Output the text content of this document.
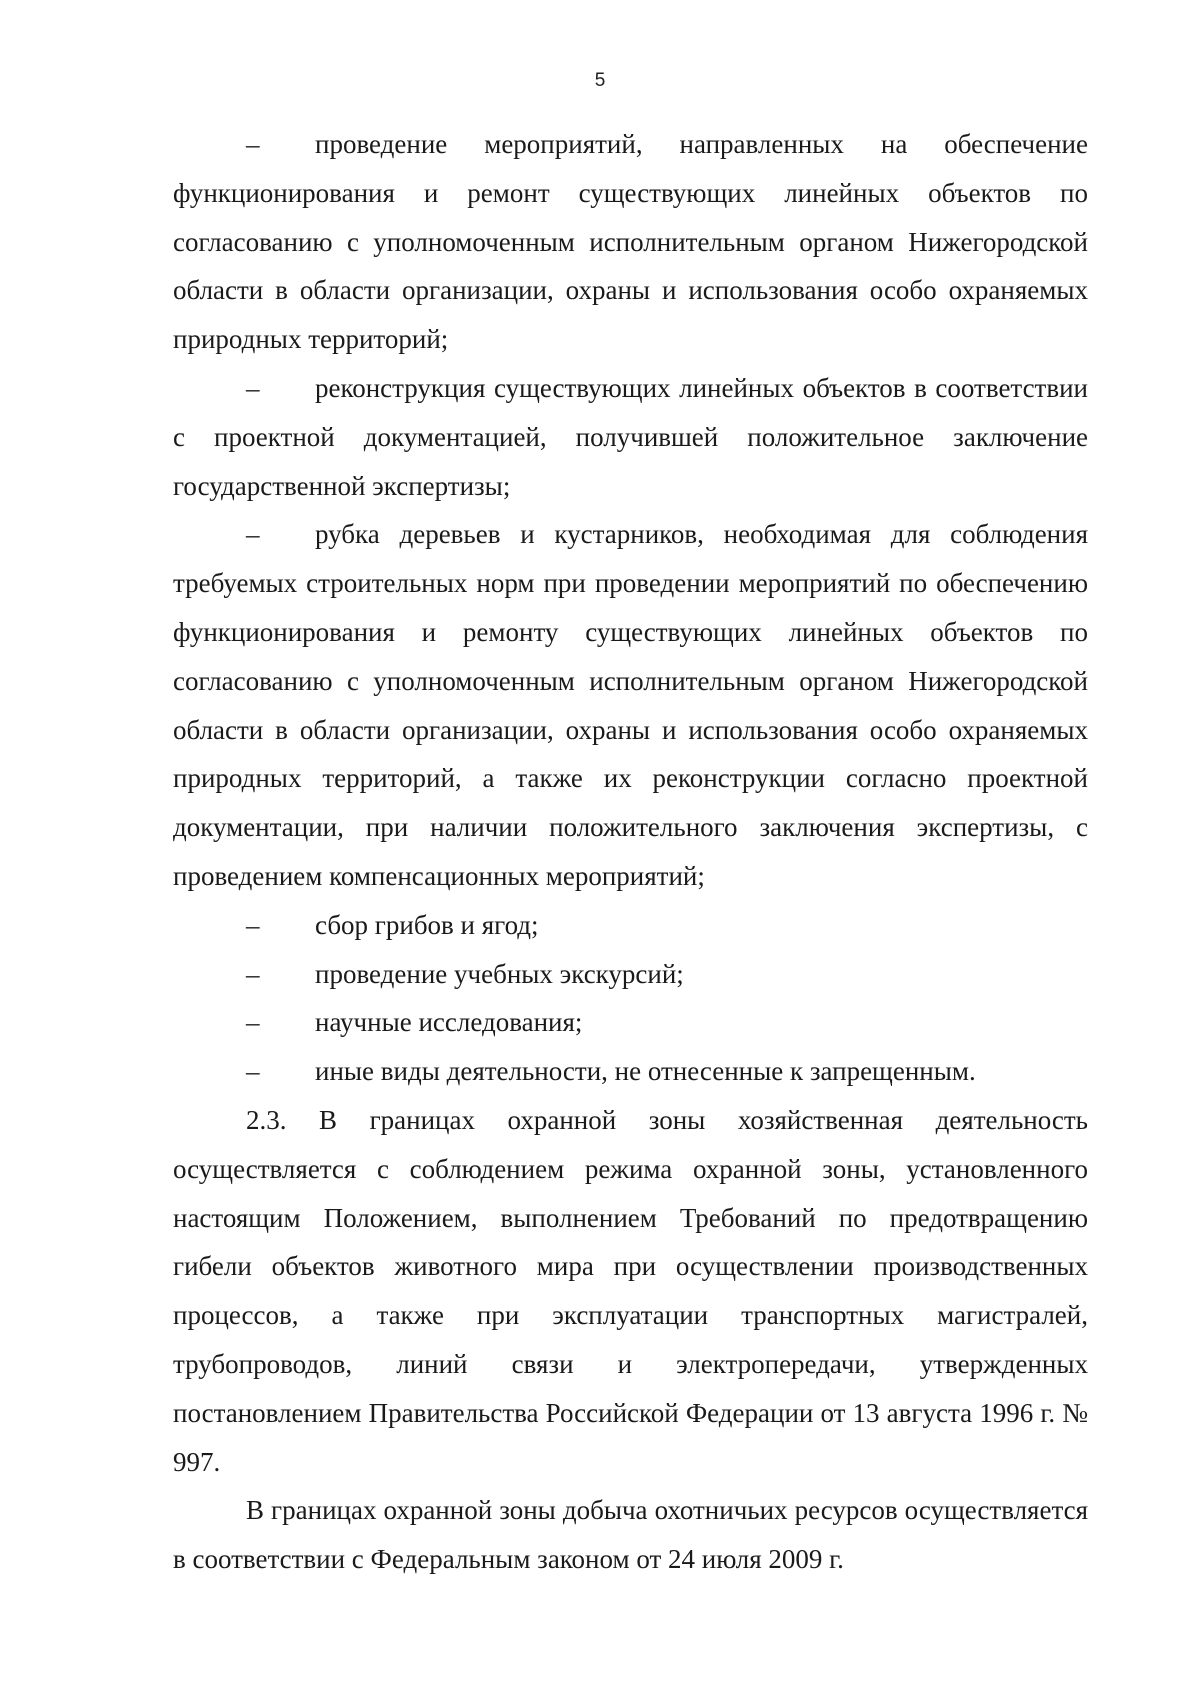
5

– проведение мероприятий, направленных на обеспечение функционирования и ремонт существующих линейных объектов по согласованию с уполномоченным исполнительным органом Нижегородской области в области организации, охраны и использования особо охраняемых природных территорий;

– реконструкция существующих линейных объектов в соответствии с проектной документацией, получившей положительное заключение государственной экспертизы;

– рубка деревьев и кустарников, необходимая для соблюдения требуемых строительных норм при проведении мероприятий по обеспечению функционирования и ремонту существующих линейных объектов по согласованию с уполномоченным исполнительным органом Нижегородской области в области организации, охраны и использования особо охраняемых природных территорий, а также их реконструкции согласно проектной документации, при наличии положительного заключения экспертизы, с проведением компенсационных мероприятий;

– сбор грибов и ягод;

– проведение учебных экскурсий;

– научные исследования;

– иные виды деятельности, не отнесенные к запрещенным.

2.3. В границах охранной зоны хозяйственная деятельность осуществляется с соблюдением режима охранной зоны, установленного настоящим Положением, выполнением Требований по предотвращению гибели объектов животного мира при осуществлении производственных процессов, а также при эксплуатации транспортных магистралей, трубопроводов, линий связи и электропередачи, утвержденных постановлением Правительства Российской Федерации от 13 августа 1996 г. № 997.

В границах охранной зоны добыча охотничьих ресурсов осуществляется в соответствии с Федеральным законом от 24 июля 2009 г.
